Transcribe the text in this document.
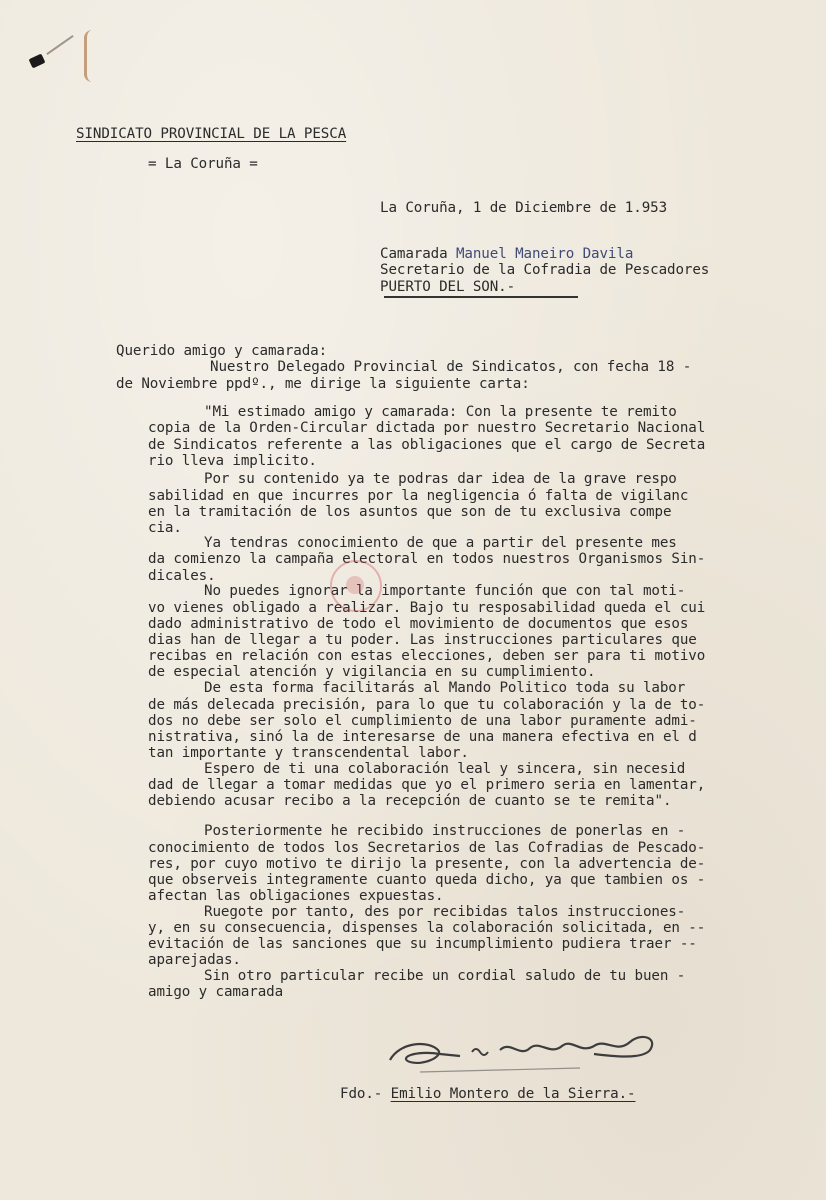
SINDICATO PROVINCIAL DE LA PESCA
= La Coruña =
La Coruña, 1 de Diciembre de 1.953
Camarada Manuel Maneiro Davila
Secretario de la Cofradia de Pescadores
PUERTO DEL SON.-
Querido amigo y camarada:
Nuestro Delegado Provincial de Sindicatos, con fecha 18 -
de Noviembre ppdº., me dirige la siguiente carta:
"Mi estimado amigo y camarada: Con la presente te remito
copia de la Orden-Circular dictada por nuestro Secretario Nacional
de Sindicatos referente a las obligaciones que el cargo de Secreta
rio lleva implicito.
Por su contenido ya te podras dar idea de la grave respo
sabilidad en que incurres por la negligencia ó falta de vigilanc
en la tramitación de los asuntos que son de tu exclusiva compe
cia.
Ya tendras conocimiento de que a partir del presente mes
da comienzo la campaña electoral en todos nuestros Organismos Sin-
dicales.
No puedes ignorar la importante función que con tal moti-
vo vienes obligado a realizar. Bajo tu resposabilidad queda el cui
dado administrativo de todo el movimiento de documentos que esos
dias han de llegar a tu poder. Las instrucciones particulares que
recibas en relación con estas elecciones, deben ser para ti motivo
de especial atención y vigilancia en su cumplimiento.
De esta forma facilitarás al Mando Politico toda su labor
de más delecada precisión, para lo que tu colaboración y la de to-
dos no debe ser solo el cumplimiento de una labor puramente admi-
nistrativa, sinó la de interesarse de una manera efectiva en el d
tan importante y transcendental labor.
Espero de ti una colaboración leal y sincera, sin necesid
dad de llegar a tomar medidas que yo el primero seria en lamentar,
debiendo acusar recibo a la recepción de cuanto se te remita".
Posteriormente he recibido instrucciones de ponerlas en -
conocimiento de todos los Secretarios de las Cofradias de Pescado-
res, por cuyo motivo te dirijo la presente, con la advertencia de-
que observeis integramente cuanto queda dicho, ya que tambien os -
afectan las obligaciones expuestas.
Ruegote por tanto, des por recibidas talos instrucciones-
y, en su consecuencia, dispenses la colaboración solicitada, en --
evitación de las sanciones que su incumplimiento pudiera traer --
aparejadas.
Sin otro particular recibe un cordial saludo de tu buen -
amigo y camarada
Fdo.- Emilio Montero de la Sierra.-
